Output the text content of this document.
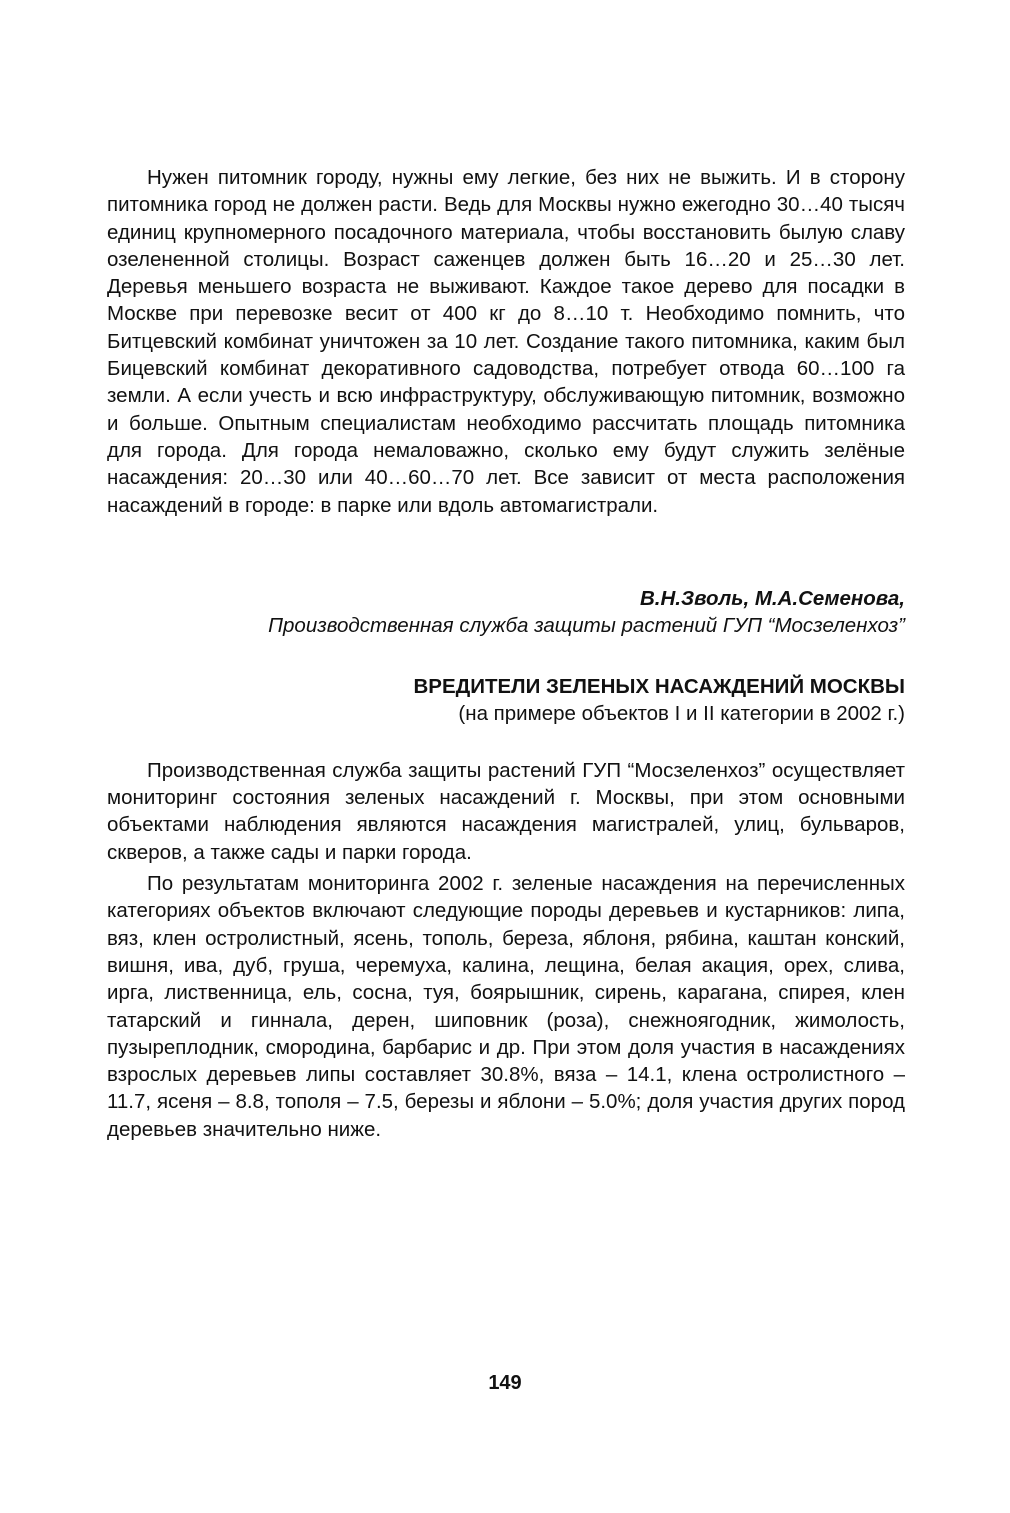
Нужен питомник городу, нужны ему легкие, без них не выжить. И в сторону питомника город не должен расти. Ведь для Москвы нужно ежегодно 30…40 тысяч единиц крупномерного посадочного материала, чтобы восстановить былую славу озелененной столицы. Возраст саженцев должен быть 16…20 и 25…30 лет. Деревья меньшего возраста не выживают. Каждое такое дерево для посадки в Москве при перевозке весит от 400 кг до 8…10 т. Необходимо помнить, что Битцевский комбинат уничтожен за 10 лет. Создание такого питомника, каким был Бицевский комбинат декоративного садоводства, потребует отвода 60…100 га земли. А если учесть и всю инфраструктуру, обслуживающую питомник, возможно и больше. Опытным специалистам необходимо рассчитать площадь питомника для города. Для города немаловажно, сколько ему будут служить зелёные насаждения: 20…30 или 40…60…70 лет. Все зависит от места расположения насаждений в городе: в парке или вдоль автомагистрали.

В.Н.Зволь, М.А.Семенова,
Производственная служба защиты растений ГУП “Мосзеленхоз”
ВРЕДИТЕЛИ ЗЕЛЕНЫХ НАСАЖДЕНИЙ МОСКВЫ
(на примере объектов I и II категории в 2002 г.)

Производственная служба защиты растений ГУП “Мосзеленхоз” осуществляет мониторинг состояния зеленых насаждений г. Москвы, при этом основными объектами наблюдения являются насаждения магистралей, улиц, бульваров, скверов, а также сады и парки города.

По результатам мониторинга 2002 г. зеленые насаждения на перечисленных категориях объектов включают следующие породы деревьев и кустарников: липа, вяз, клен остролистный, ясень, тополь, береза, яблоня, рябина, каштан конский, вишня, ива, дуб, груша, черемуха, калина, лещина, белая акация, орех, слива, ирга, лиственница, ель, сосна, туя, боярышник, сирень, карагана, спирея, клен татарский и гиннала, дерен, шиповник (роза), снежноягодник, жимолость, пузыреплодник, смородина, барбарис и др. При этом доля участия в насаждениях взрослых деревьев липы составляет 30.8%, вяза – 14.1, клена остролистного – 11.7, ясеня – 8.8, тополя – 7.5, березы и яблони – 5.0%; доля участия других пород деревьев значительно ниже.

149
